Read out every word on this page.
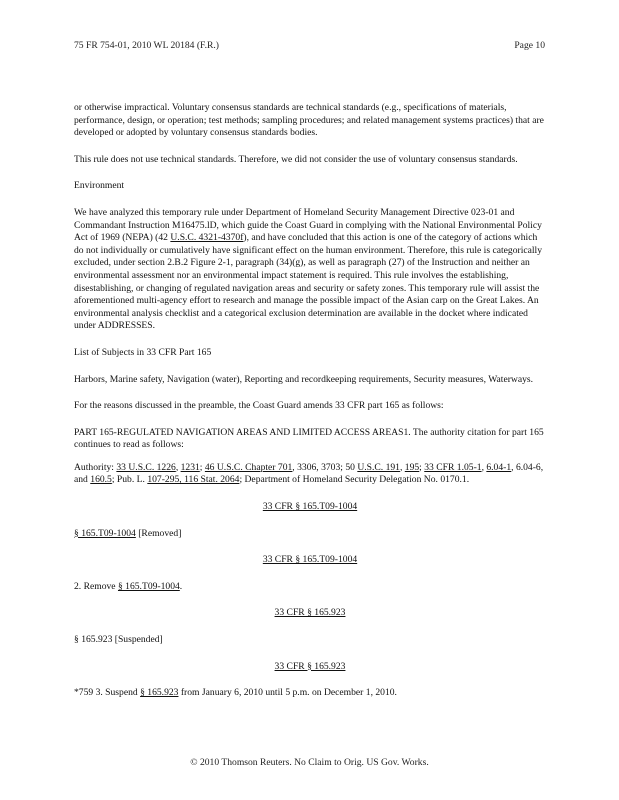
75 FR 754-01, 2010 WL 20184 (F.R.)	Page 10

or otherwise impractical. Voluntary consensus standards are technical standards (e.g., specifications of materials, performance, design, or operation; test methods; sampling procedures; and related management systems practices) that are developed or adopted by voluntary consensus standards bodies.

This rule does not use technical standards. Therefore, we did not consider the use of voluntary consensus standards.

Environment

We have analyzed this temporary rule under Department of Homeland Security Management Directive 023-01 and Commandant Instruction M16475.lD, which guide the Coast Guard in complying with the National Environmental Policy Act of 1969 (NEPA) (42 U.S.C. 4321-4370f), and have concluded that this action is one of the category of actions which do not individually or cumulatively have significant effect on the human environment. Therefore, this rule is categorically excluded, under section 2.B.2 Figure 2-1, paragraph (34)(g), as well as paragraph (27) of the Instruction and neither an environmental assessment nor an environmental impact statement is required. This rule involves the establishing, disestablishing, or changing of regulated navigation areas and security or safety zones. This temporary rule will assist the aforementioned multi-agency effort to research and manage the possible impact of the Asian carp on the Great Lakes. An environmental analysis checklist and a categorical exclusion determination are available in the docket where indicated under ADDRESSES.

List of Subjects in 33 CFR Part 165

Harbors, Marine safety, Navigation (water), Reporting and recordkeeping requirements, Security measures, Waterways.

For the reasons discussed in the preamble, the Coast Guard amends 33 CFR part 165 as follows:

PART 165-REGULATED NAVIGATION AREAS AND LIMITED ACCESS AREAS1. The authority citation for part 165 continues to read as follows:

Authority: 33 U.S.C. 1226, 1231; 46 U.S.C. Chapter 701, 3306, 3703; 50 U.S.C. 191, 195; 33 CFR 1.05-1, 6.04-1, 6.04-6, and 160.5; Pub. L. 107-295, 116 Stat. 2064; Department of Homeland Security Delegation No. 0170.1.

33 CFR § 165.T09-1004

§ 165.T09-1004 [Removed]

33 CFR § 165.T09-1004

2. Remove § 165.T09-1004.

33 CFR § 165.923

§ 165.923 [Suspended]

33 CFR § 165.923

*759 3. Suspend § 165.923 from January 6, 2010 until 5 p.m. on December 1, 2010.

© 2010 Thomson Reuters. No Claim to Orig. US Gov. Works.
